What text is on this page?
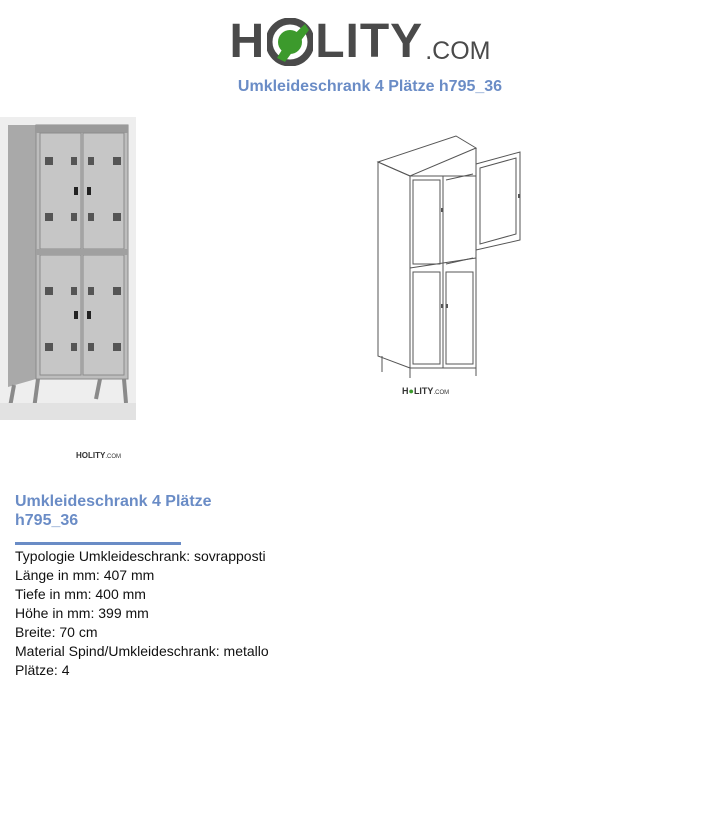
H LITY .COM
Umkleideschrank 4 Plätze h795_36
H●LITY.COM
HOLITY.COM
Umkleideschrank 4 Plätze h795_36
Typologie Umkleideschrank: sovrapposti
Länge in mm: 407 mm
Tiefe in mm: 400 mm
Höhe in mm: 399 mm
Breite: 70 cm
Material Spind/Umkleideschrank: metallo
Plätze: 4
